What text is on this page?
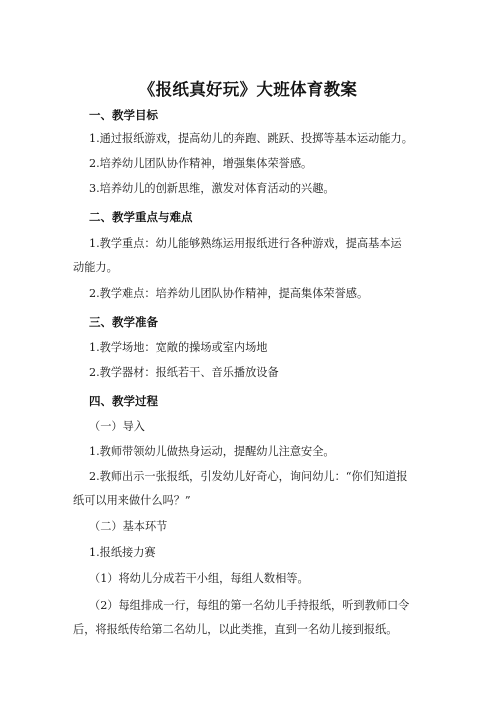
《报纸真好玩》大班体育教案
一、教学目标
1.通过报纸游戏，提高幼儿的奔跑、跳跃、投掷等基本运动能力。
2.培养幼儿团队协作精神，增强集体荣誉感。
3.培养幼儿的创新思维，激发对体育活动的兴趣。
二、教学重点与难点
1.教学重点：幼儿能够熟练运用报纸进行各种游戏，提高基本运
动能力。
2.教学难点：培养幼儿团队协作精神，提高集体荣誉感。
三、教学准备
1.教学场地：宽敞的操场或室内场地
2.教学器材：报纸若干、音乐播放设备
四、教学过程
（一）导入
1.教师带领幼儿做热身运动，提醒幼儿注意安全。
2.教师出示一张报纸，引发幼儿好奇心，询问幼儿：“你们知道报
纸可以用来做什么吗？”
（二）基本环节
1.报纸接力赛
（1）将幼儿分成若干小组，每组人数相等。
（2）每组排成一行，每组的第一名幼儿手持报纸，听到教师口令
后，将报纸传给第二名幼儿，以此类推，直到一名幼儿接到报纸。
